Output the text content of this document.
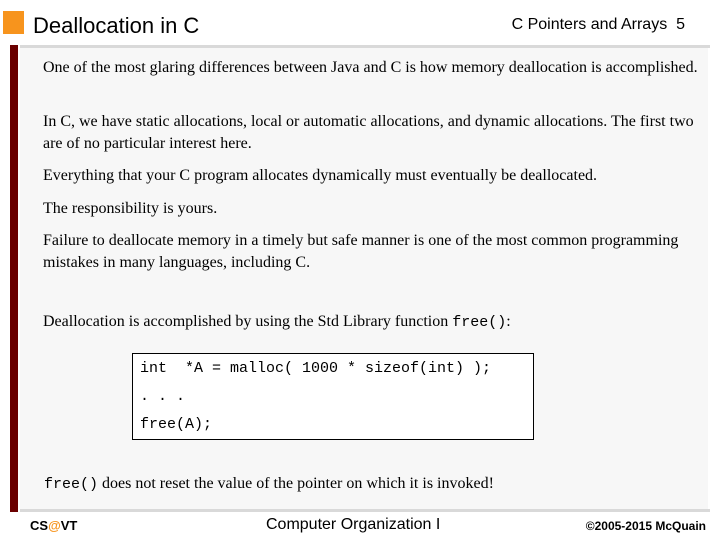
Deallocation in C	C Pointers and Arrays 5
One of the most glaring differences between Java and C is how memory deallocation is accomplished.
In C, we have static allocations, local or automatic allocations, and dynamic allocations. The first two are of no particular interest here.
Everything that your C program allocates dynamically must eventually be deallocated.
The responsibility is yours.
Failure to deallocate memory in a timely but safe manner is one of the most common programming mistakes in many languages, including C.
Deallocation is accomplished by using the Std Library function free():
int  *A = malloc( 1000 * sizeof(int) );
. . .
free(A);
free() does not reset the value of the pointer on which it is invoked!
CS@VT	Computer Organization I	©2005-2015 McQuain
